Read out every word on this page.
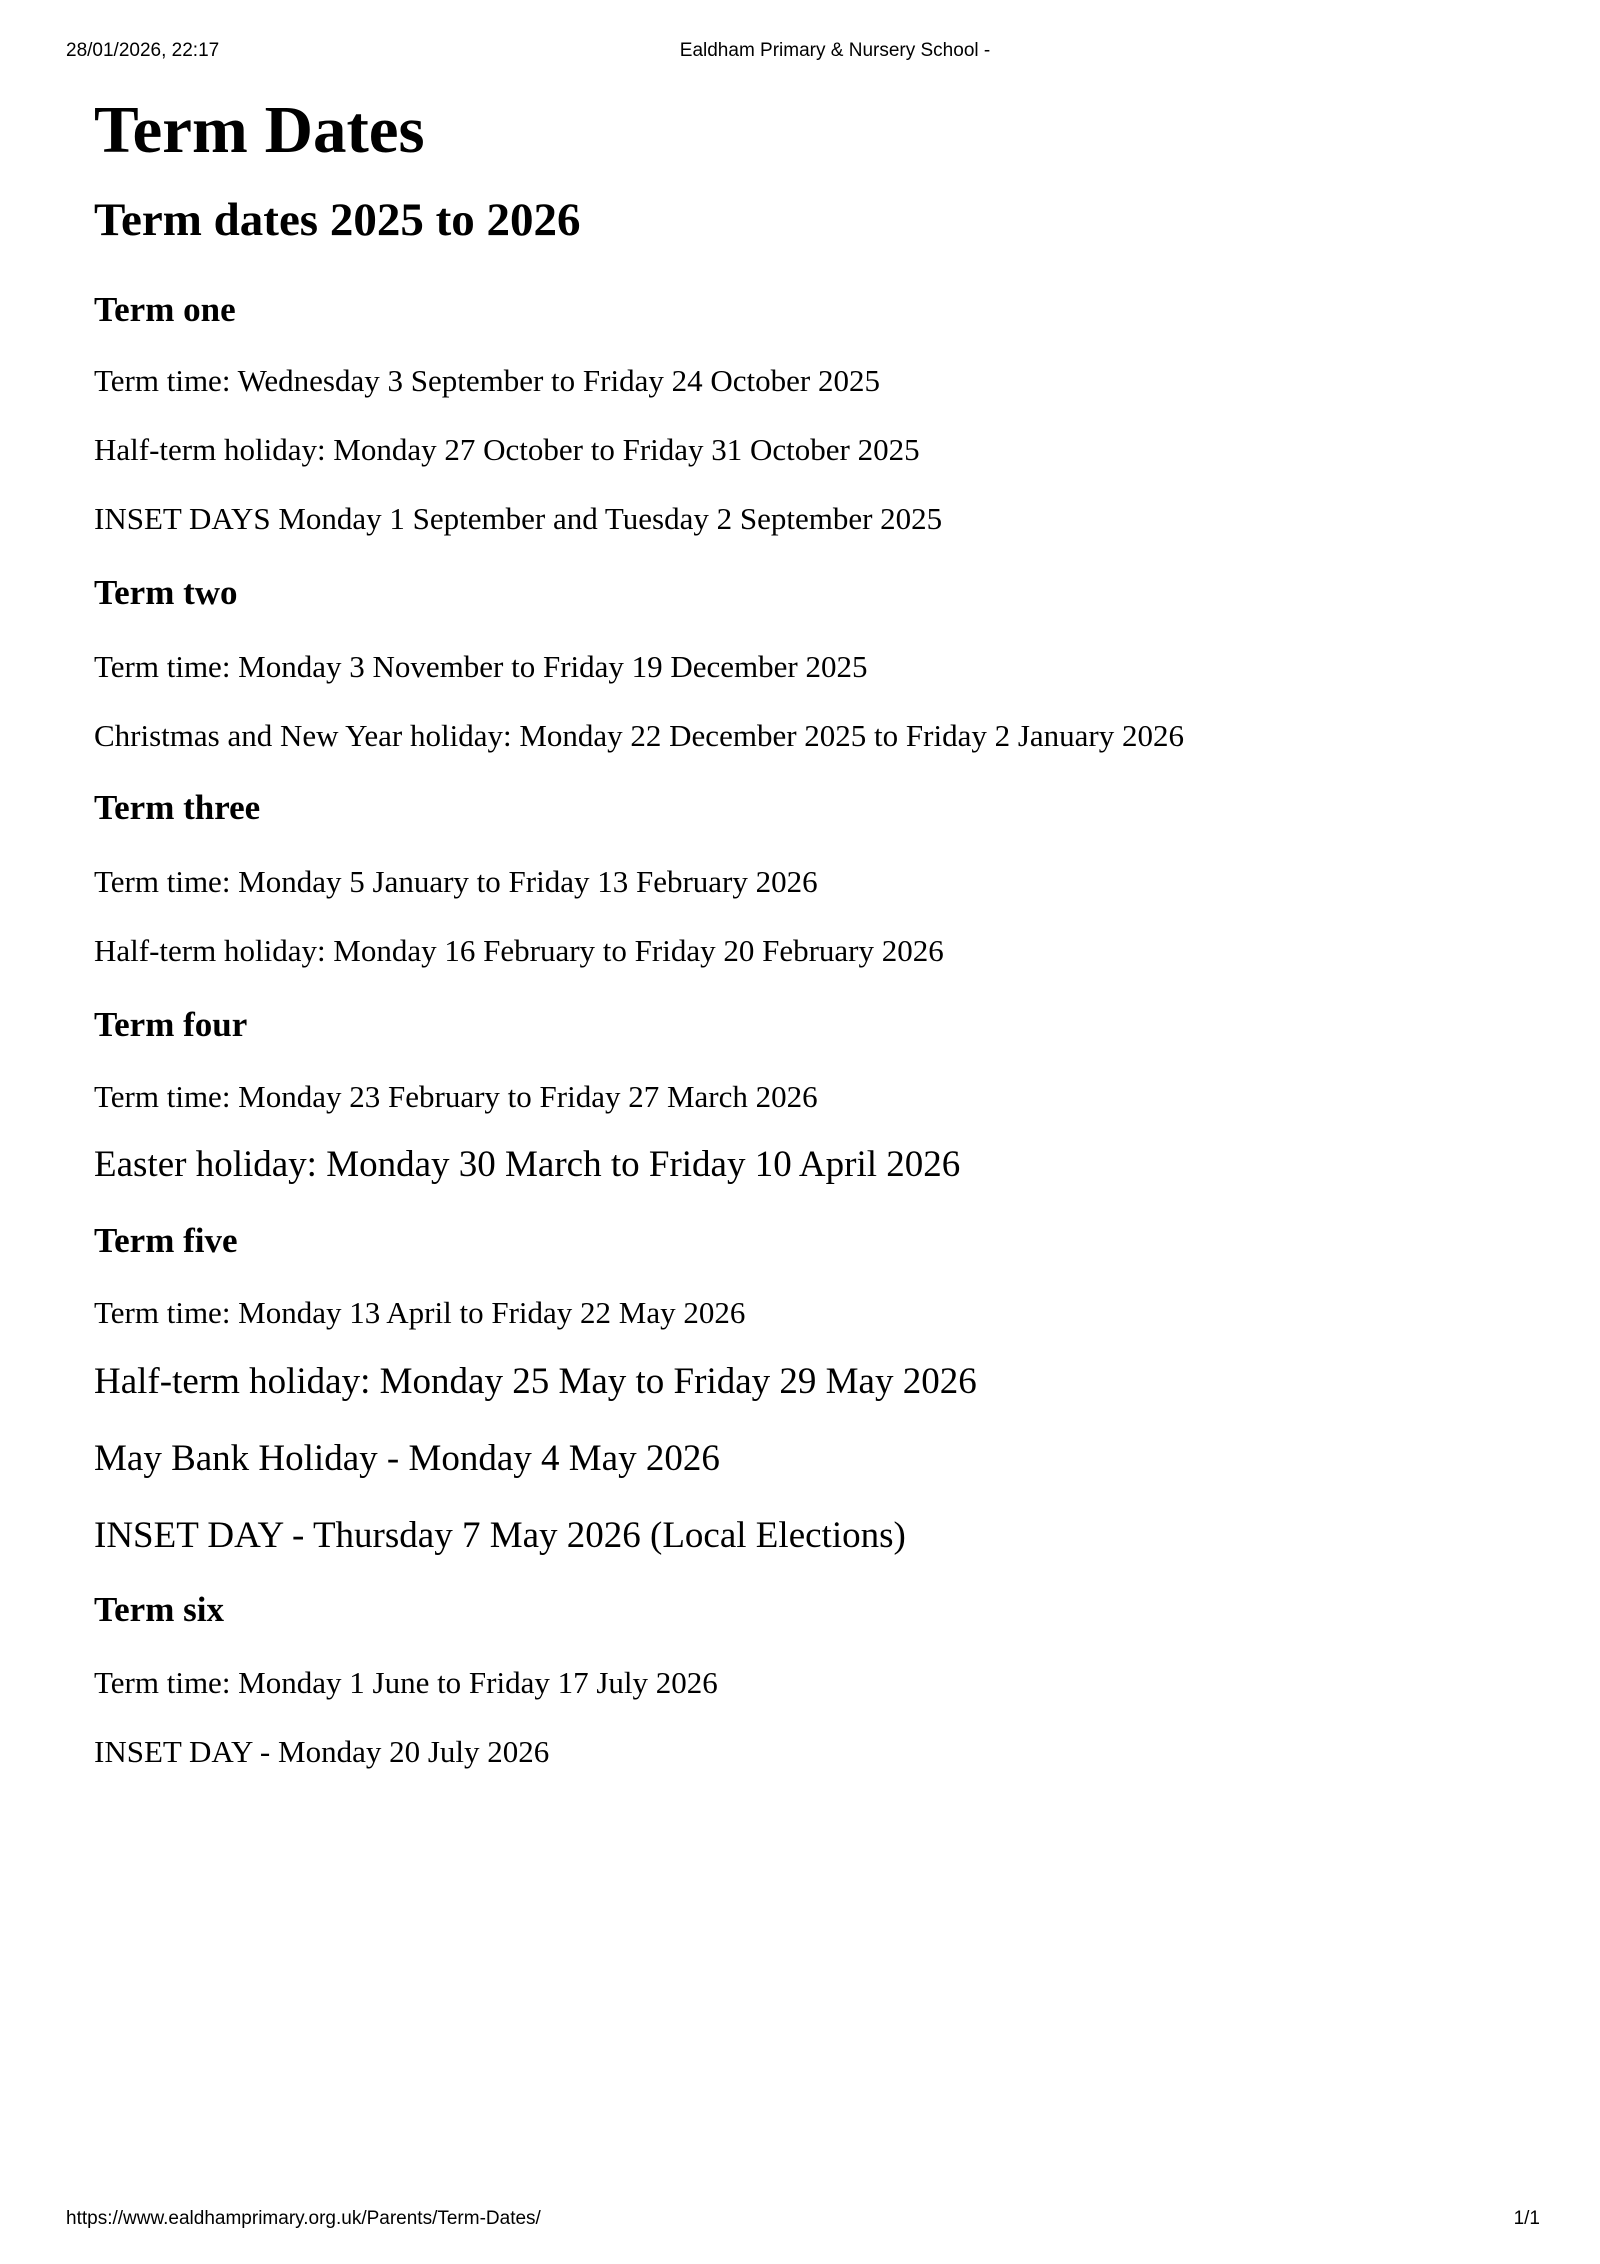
28/01/2026, 22:17	Ealdham Primary & Nursery School -
Term Dates
Term dates 2025 to 2026
Term one

Term time: Wednesday 3 September to Friday 24 October 2025

Half-term holiday: Monday 27 October to Friday 31 October 2025

INSET DAYS Monday 1 September and Tuesday 2 September 2025

Term two

Term time: Monday 3 November to Friday 19 December 2025

Christmas and New Year holiday: Monday 22 December 2025 to Friday 2 January 2026

Term three

Term time: Monday 5 January to Friday 13 February 2026

Half-term holiday: Monday 16 February to Friday 20 February 2026

Term four

Term time: Monday 23 February to Friday 27 March 2026

Easter holiday: Monday 30 March to Friday 10 April 2026

Term five

Term time: Monday 13 April to Friday 22 May 2026

Half-term holiday: Monday 25 May to Friday 29 May 2026

May Bank Holiday - Monday 4 May 2026

INSET DAY - Thursday 7 May 2026 (Local Elections)

Term six

Term time: Monday 1 June to Friday 17 July 2026

INSET DAY - Monday 20 July 2026

https://www.ealdhamprimary.org.uk/Parents/Term-Dates/	1/1
